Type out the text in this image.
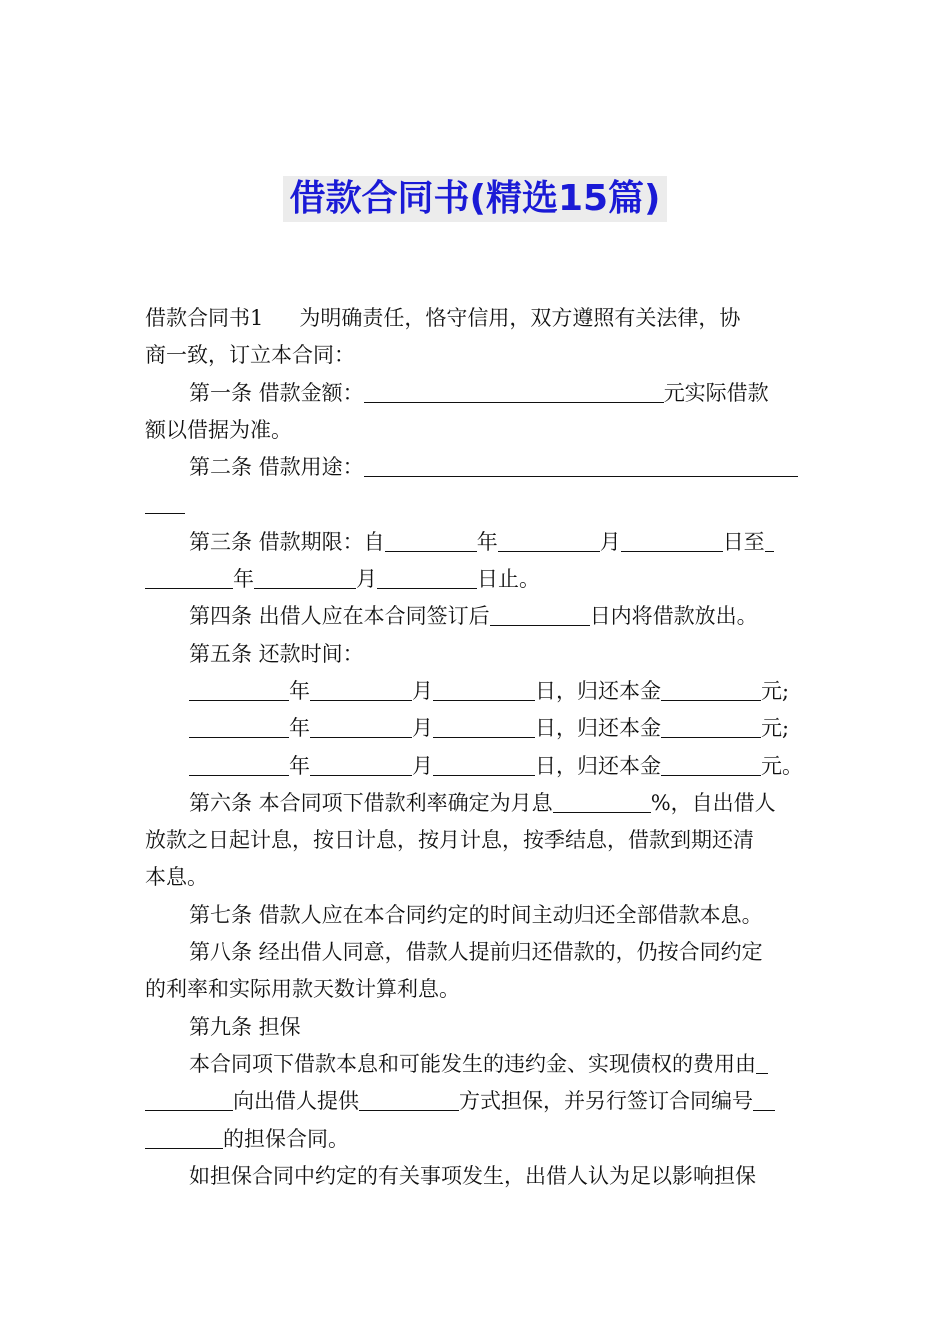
借款合同书(精选15篇)
借款合同书1 为明确责任，恪守信用，双方遵照有关法律，协
商一致，订立本合同：
第一条 借款金额：	元实际借款
额以借据为准。
第二条 借款用途：
第三条 借款期限：自	年	月	日至
年	月	日止。
第四条 出借人应在本合同签订后	日内将借款放出。
第五条 还款时间：
年	月	日，归还本金	元;
年	月	日，归还本金	元;
年	月	日，归还本金	元。
第六条 本合同项下借款利率确定为月息	%，自出借人
放款之日起计息，按日计息，按月计息，按季结息，借款到期还清
本息。
第七条 借款人应在本合同约定的时间主动归还全部借款本息。
第八条 经出借人同意，借款人提前归还借款的，仍按合同约定
的利率和实际用款天数计算利息。
第九条 担保
本合同项下借款本息和可能发生的违约金、实现债权的费用由
向出借人提供	方式担保，并另行签订合同编号
的担保合同。
如担保合同中约定的有关事项发生，出借人认为足以影响担保
